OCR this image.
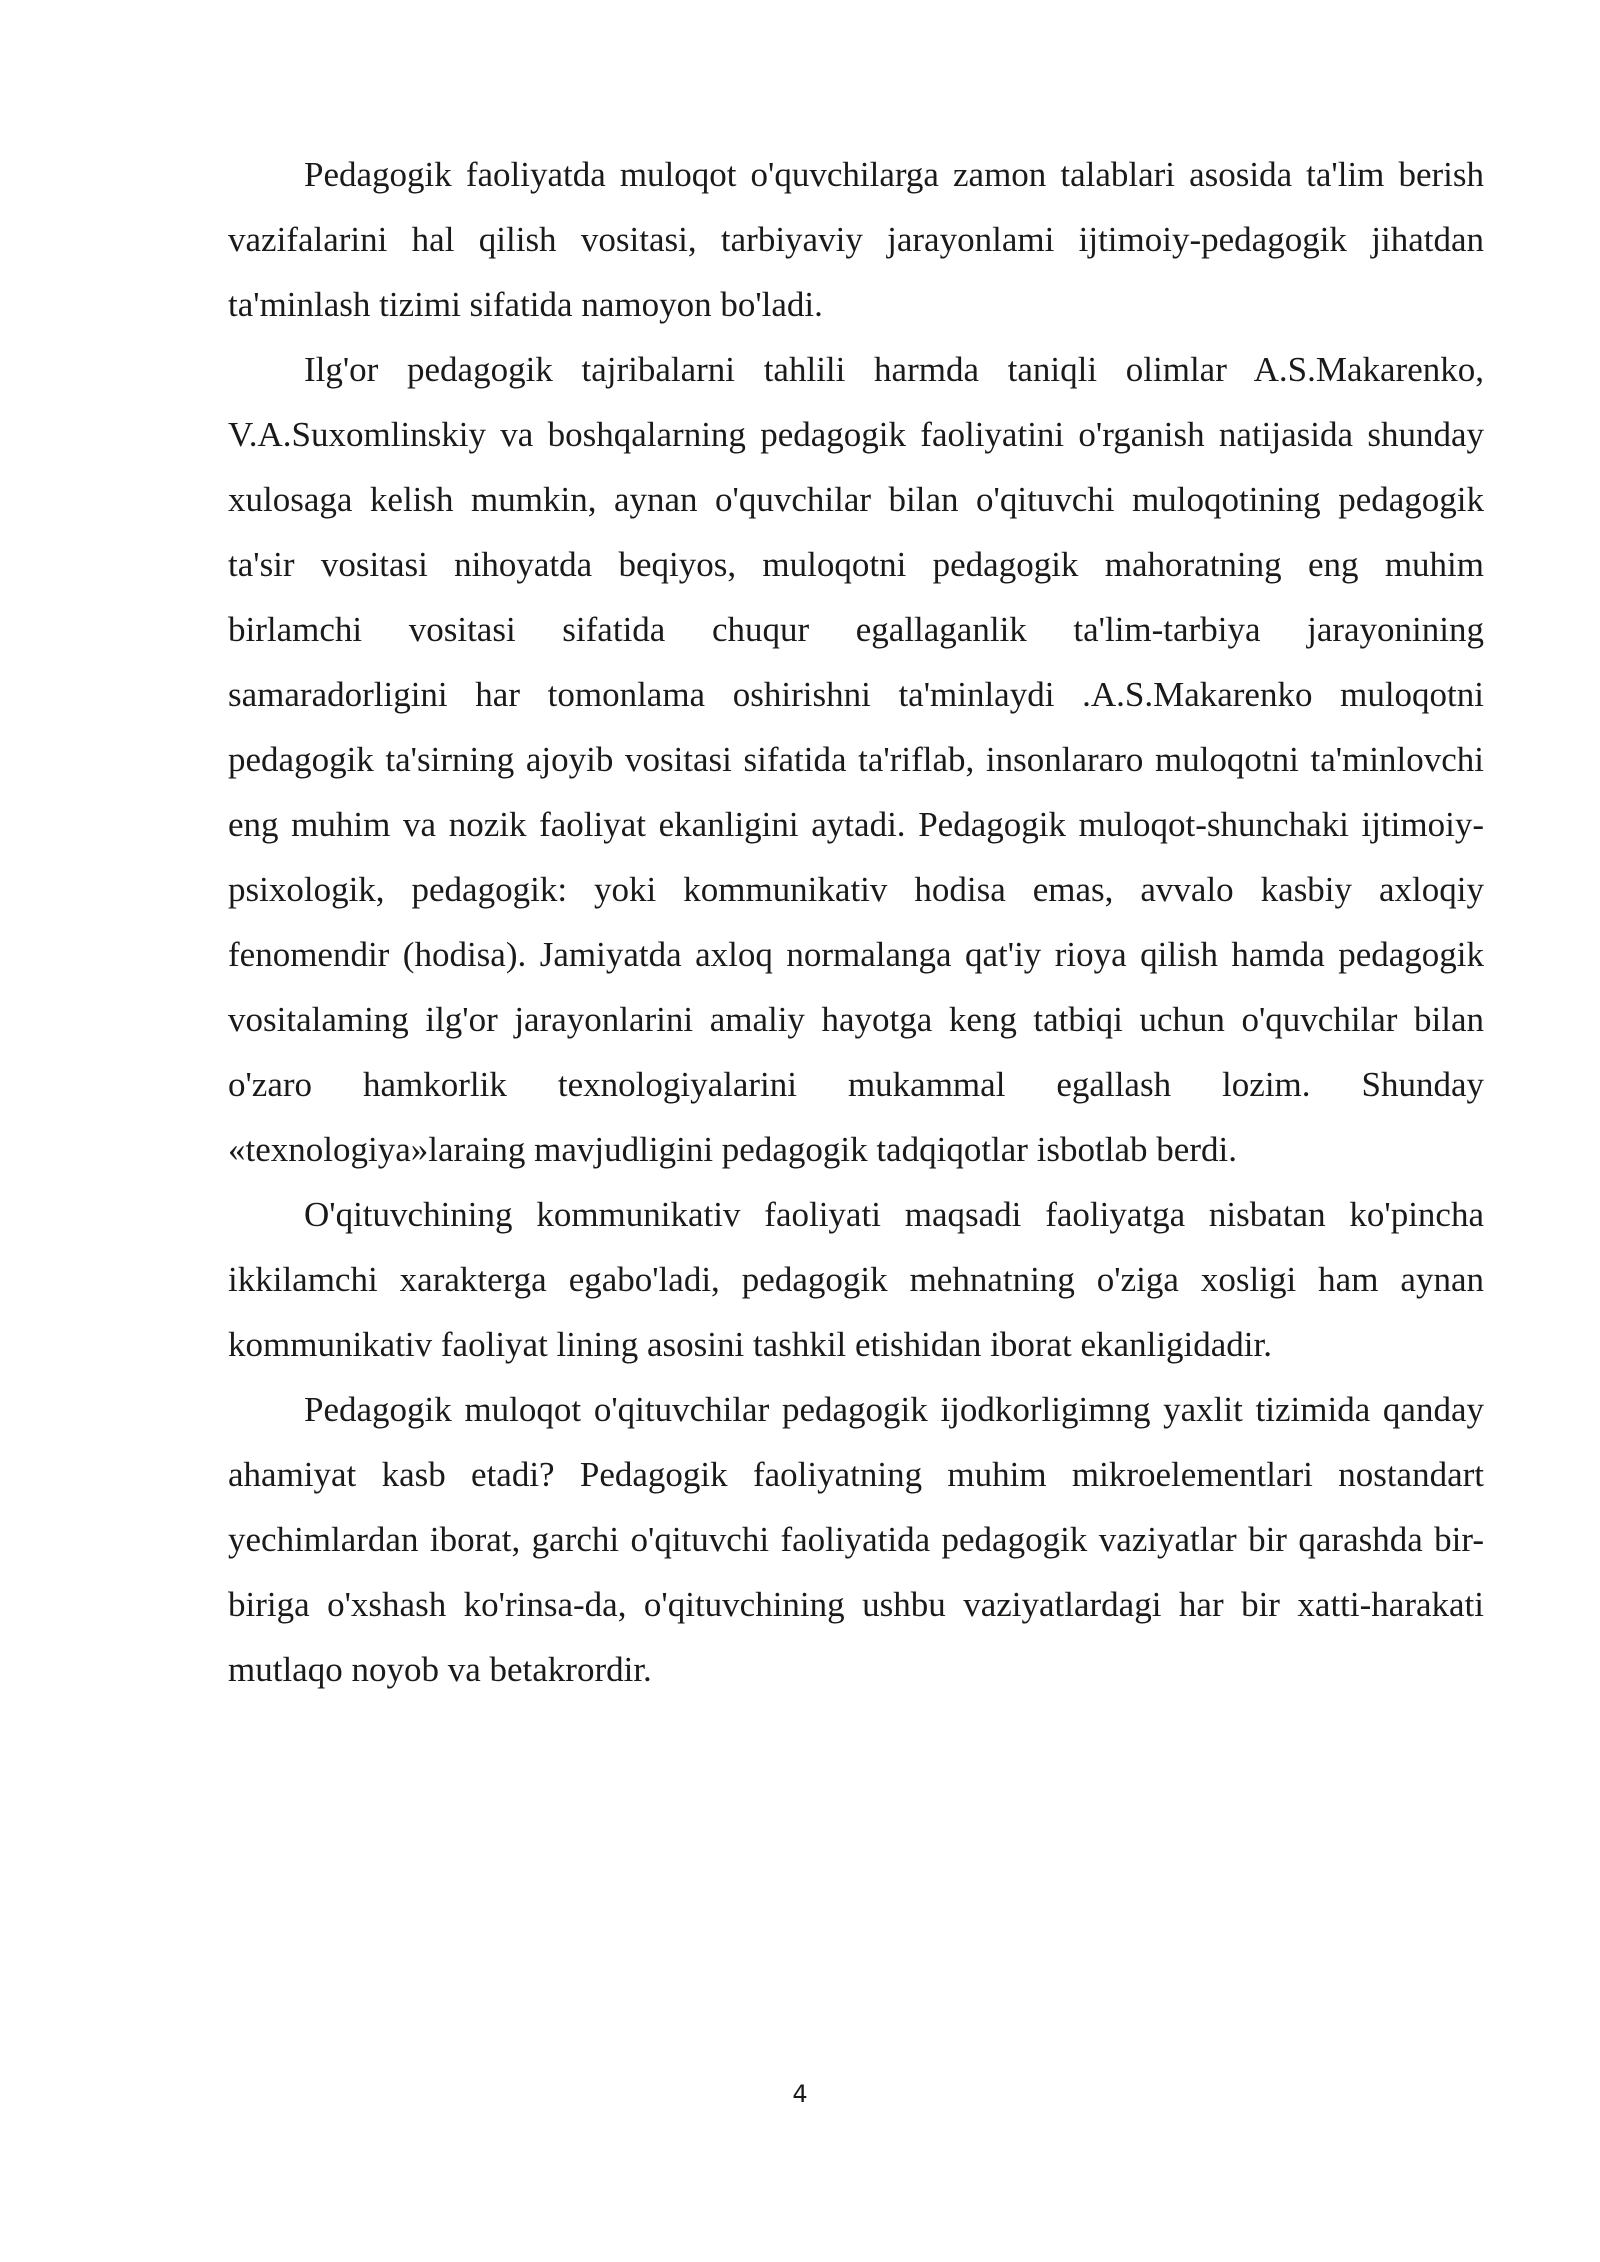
Pedagogik faoliyatda muloqot o'quvchilarga zamon talablari asosida ta'lim berish vazifalarini hal qilish vositasi, tarbiyaviy jarayonlami ijtimoiy-pedagogik jihatdan ta'minlash tizimi sifatida namoyon bo'ladi.

Ilg'or pedagogik tajribalarni tahlili harmda taniqli olimlar A.S.Makarenko, V.A.Suxomlinskiy va boshqalarning pedagogik faoliyatini o'rganish natijasida shunday xulosaga kelish mumkin, aynan o'quvchilar bilan o'qituvchi muloqotining pedagogik ta'sir vositasi nihoyatda beqiyos, muloqotni pedagogik mahoratning eng muhim birlamchi vositasi sifatida chuqur egallaganlik ta'lim-tarbiya jarayonining samaradorligini har tomonlama oshirishni ta'minlaydi .A.S.Makarenko muloqotni pedagogik ta'sirning ajoyib vositasi sifatida ta'riflab, insonlararo muloqotni ta'minlovchi eng muhim va nozik faoliyat ekanligini aytadi. Pedagogik muloqot-shunchaki ijtimoiy-psixologik, pedagogik: yoki kommunikativ hodisa emas, avvalo kasbiy axloqiy fenomendir (hodisa). Jamiyatda axloq normalanga qat'iy rioya qilish hamda pedagogik vositalaming ilg'or jarayonlarini amaliy hayotga keng tatbiqi uchun o'quvchilar bilan o'zaro hamkorlik texnologiyalarini mukammal egallash lozim. Shunday «texnologiya»laraing mavjudligini pedagogik tadqiqotlar isbotlab berdi.

O'qituvchining kommunikativ faoliyati maqsadi faoliyatga nisbatan ko'pincha ikkilamchi xarakterga egabo'ladi, pedagogik mehnatning o'ziga xosligi ham aynan kommunikativ faoliyat lining asosini tashkil etishidan iborat ekanligidadir.

Pedagogik muloqot o'qituvchilar pedagogik ijodkorligimng yaxlit tizimida qanday ahamiyat kasb etadi? Pedagogik faoliyatning muhim mikroelementlari nostandart yechimlardan iborat, garchi o'qituvchi faoliyatida pedagogik vaziyatlar bir qarashda bir-biriga o'xshash ko'rinsa-da, o'qituvchining ushbu vaziyatlardagi har bir xatti-harakati mutlaqo noyob va betakrordir.

4
